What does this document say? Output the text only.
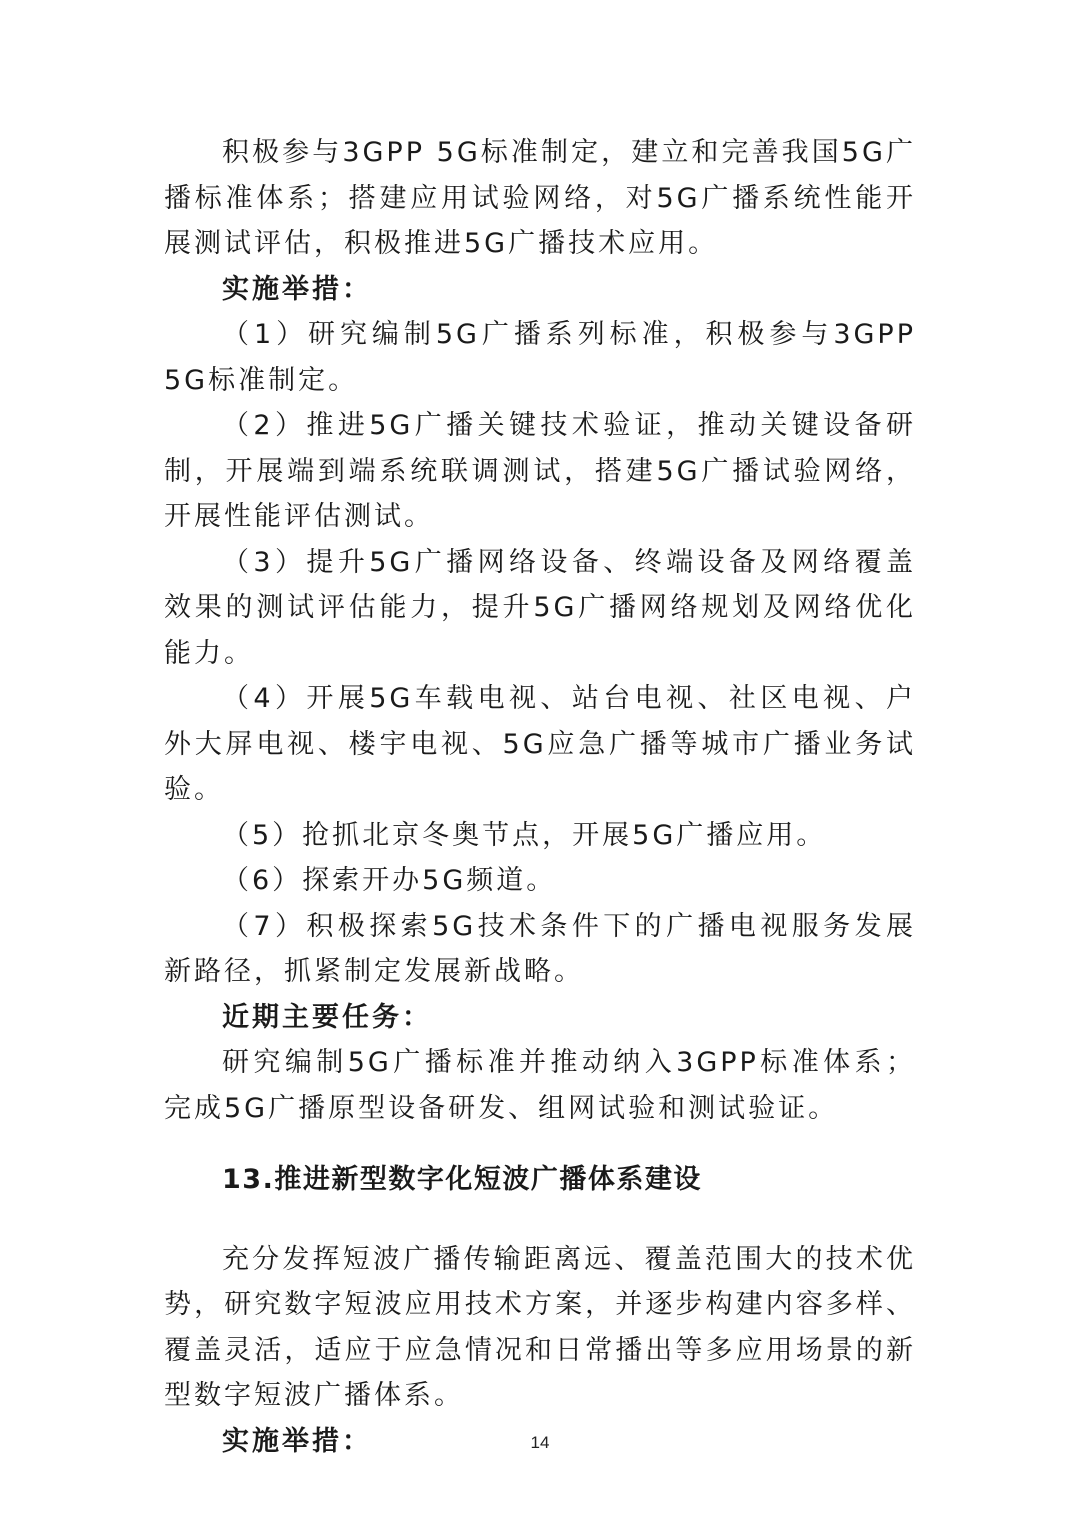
积极参与3GPP 5G标准制定，建立和完善我国5G广播标准体系；搭建应用试验网络，对5G广播系统性能开展测试评估，积极推进5G广播技术应用。

实施举措：

（1）研究编制5G广播系列标准，积极参与3GPP 5G标准制定。

（2）推进5G广播关键技术验证，推动关键设备研制，开展端到端系统联调测试，搭建5G广播试验网络，开展性能评估测试。

（3）提升5G广播网络设备、终端设备及网络覆盖效果的测试评估能力，提升5G广播网络规划及网络优化能力。

（4）开展5G车载电视、站台电视、社区电视、户外大屏电视、楼宇电视、5G应急广播等城市广播业务试验。

（5）抢抓北京冬奥节点，开展5G广播应用。

（6）探索开办5G频道。

（7）积极探索5G技术条件下的广播电视服务发展新路径，抓紧制定发展新战略。

近期主要任务：

研究编制5G广播标准并推动纳入3GPP标准体系；完成5G广播原型设备研发、组网试验和测试验证。

13.推进新型数字化短波广播体系建设

充分发挥短波广播传输距离远、覆盖范围大的技术优势，研究数字短波应用技术方案，并逐步构建内容多样、覆盖灵活，适应于应急情况和日常播出等多应用场景的新型数字短波广播体系。

实施举措：	14
